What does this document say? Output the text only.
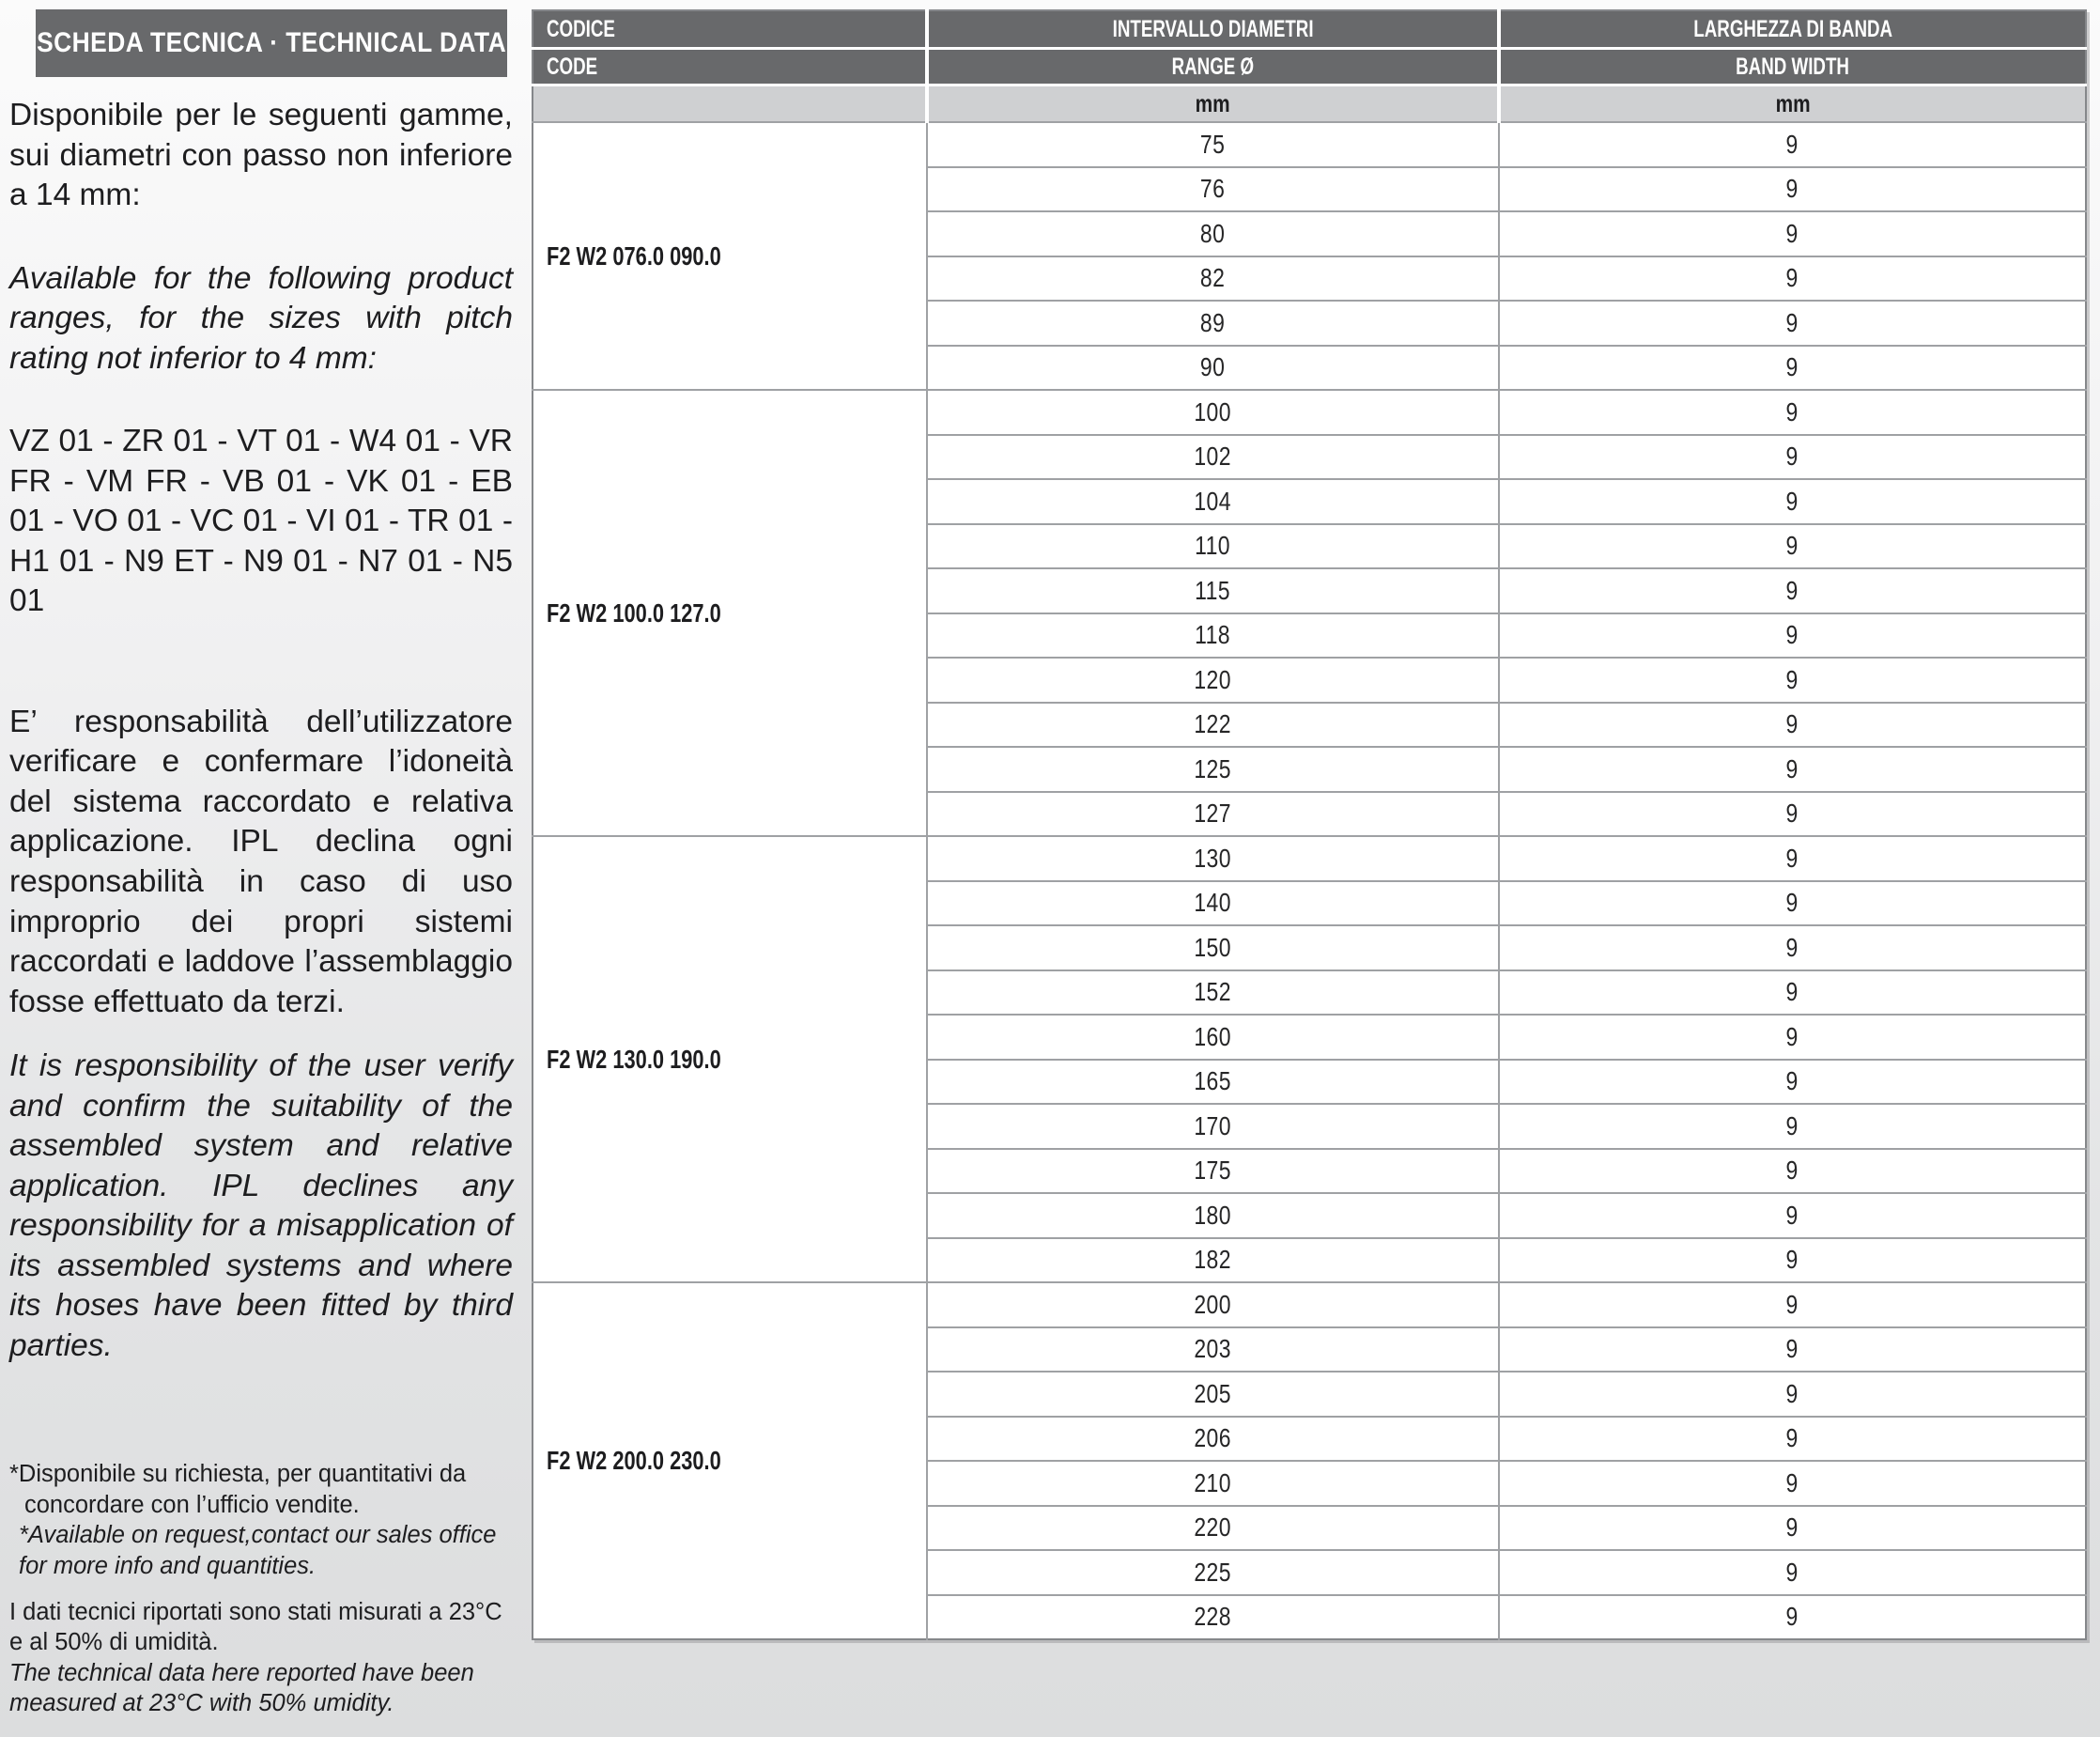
SCHEDA TECNICA · TECHNICAL DATA

Disponibile per le seguenti gamme, sui diametri con passo non inferiore a 14 mm:

Available for the following product ranges, for the sizes with pitch rating not inferior to 4 mm:

VZ 01 - ZR 01 - VT 01 - W4 01 - VR FR - VM FR - VB 01 - VK 01 - EB 01 - VO 01 - VC 01 - VI 01 - TR 01 - H1 01 - N9 ET - N9 01 - N7 01 - N5 01

E’ responsabilità dell’utilizzatore verificare e confermare l’idoneità del sistema raccordato e relativa applicazione. IPL declina ogni responsabilità in caso di uso improprio dei propri sistemi raccordati e laddove l’assemblaggio fosse effettuato da terzi.

It is responsibility of the user verify and confirm the suitability of the assembled system and relative application. IPL declines any responsibility for a misapplication of its assembled systems and where its hoses have been fitted by third parties.

*Disponibile su richiesta, per quantitativi da concordare con l’ufficio vendite.

*Available on request,contact our sales office for more info and quantities.

I dati tecnici riportati sono stati misurati a 23°C e al 50% di umidità.

The technical data here reported have been measured at 23°C with 50% umidity.

CODICE	INTERVALLO DIAMETRI	LARGHEZZA DI BANDA
CODE	RANGE Ø	BAND WIDTH
	mm	mm
F2 W2 076.0 090.0	75	9
	76	9
	80	9
	82	9
	89	9
	90	9
F2 W2 100.0 127.0	100	9
	102	9
	104	9
	110	9
	115	9
	118	9
	120	9
	122	9
	125	9
	127	9
F2 W2 130.0 190.0	130	9
	140	9
	150	9
	152	9
	160	9
	165	9
	170	9
	175	9
	180	9
	182	9
F2 W2 200.0 230.0	200	9
	203	9
	205	9
	206	9
	210	9
	220	9
	225	9
	228	9
